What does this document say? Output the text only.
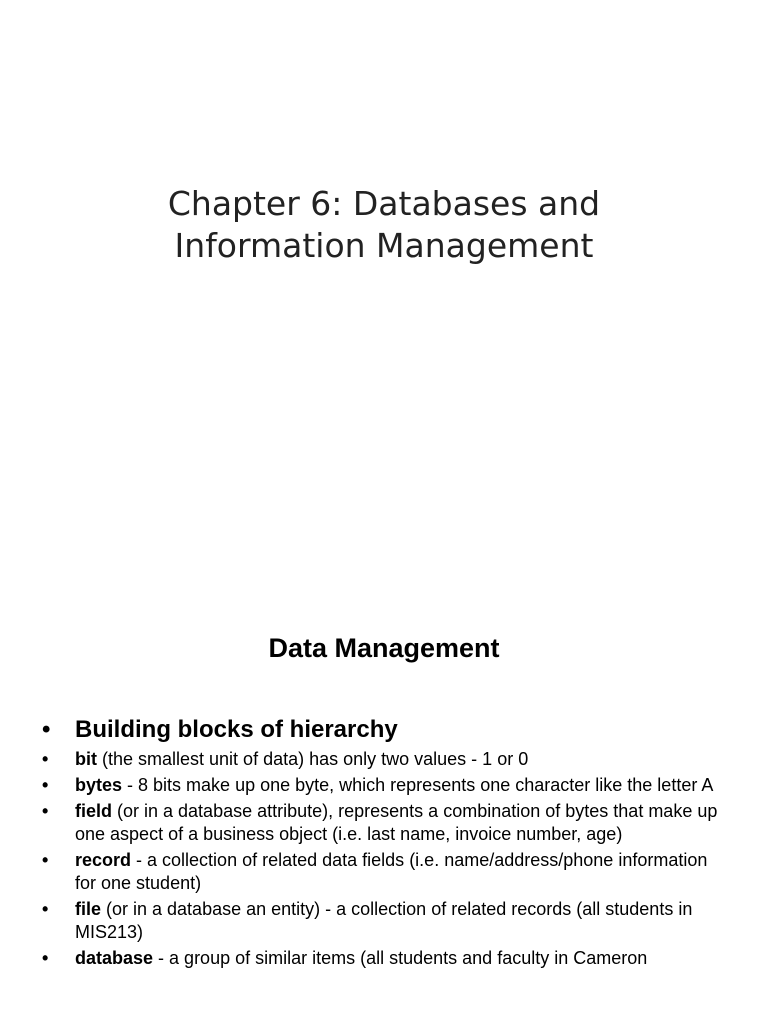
Chapter 6: Databases and
Information Management
Data Management
• Building blocks of hierarchy
• bit (the smallest unit of data) has only two values - 1 or 0
• bytes - 8 bits make up one byte, which represents one character like the letter A
• field (or in a database attribute), represents a combination of bytes that make up one aspect of a business object (i.e. last name, invoice number, age)
• record - a collection of related data fields (i.e. name/address/phone information for one student)
• file (or in a database an entity) - a collection of related records (all students in MIS213)
• database - a group of similar items (all students and faculty in Cameron
